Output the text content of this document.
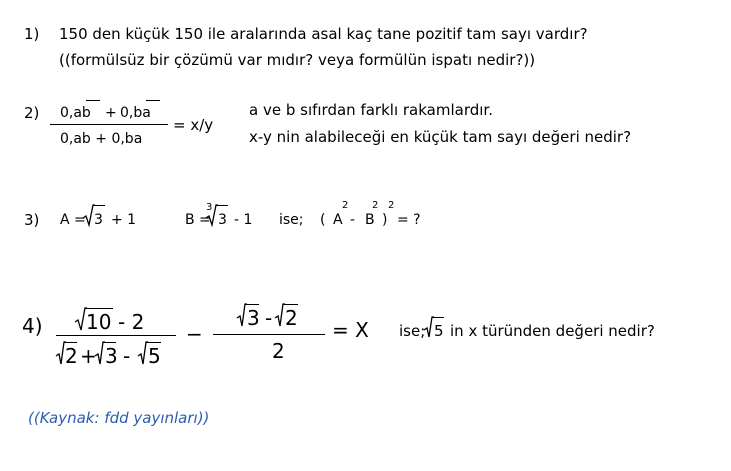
1) 150 den küçük 150 ile aralarında asal kaç tane pozitif tam sayı vardır?
((formülsüz bir çözümü var mıdır? veya formülün ispatı nedir?))
2) 0,ab + 0,ba
0,ab + 0,ba
= x/y
a ve b sıfırdan farklı rakamlardır.
x-y nin alabileceği en küçük tam sayı değeri nedir?
3) A = 3 + 1	B =
3
3 - 1 ise; ( A
2
- B
2
)
2
= ?
4) 10 - 2
2 + 3 - 5
−
3 - 2
2
= X ise; 5 in x türünden değeri nedir?
((Kaynak: fdd yayınları))
